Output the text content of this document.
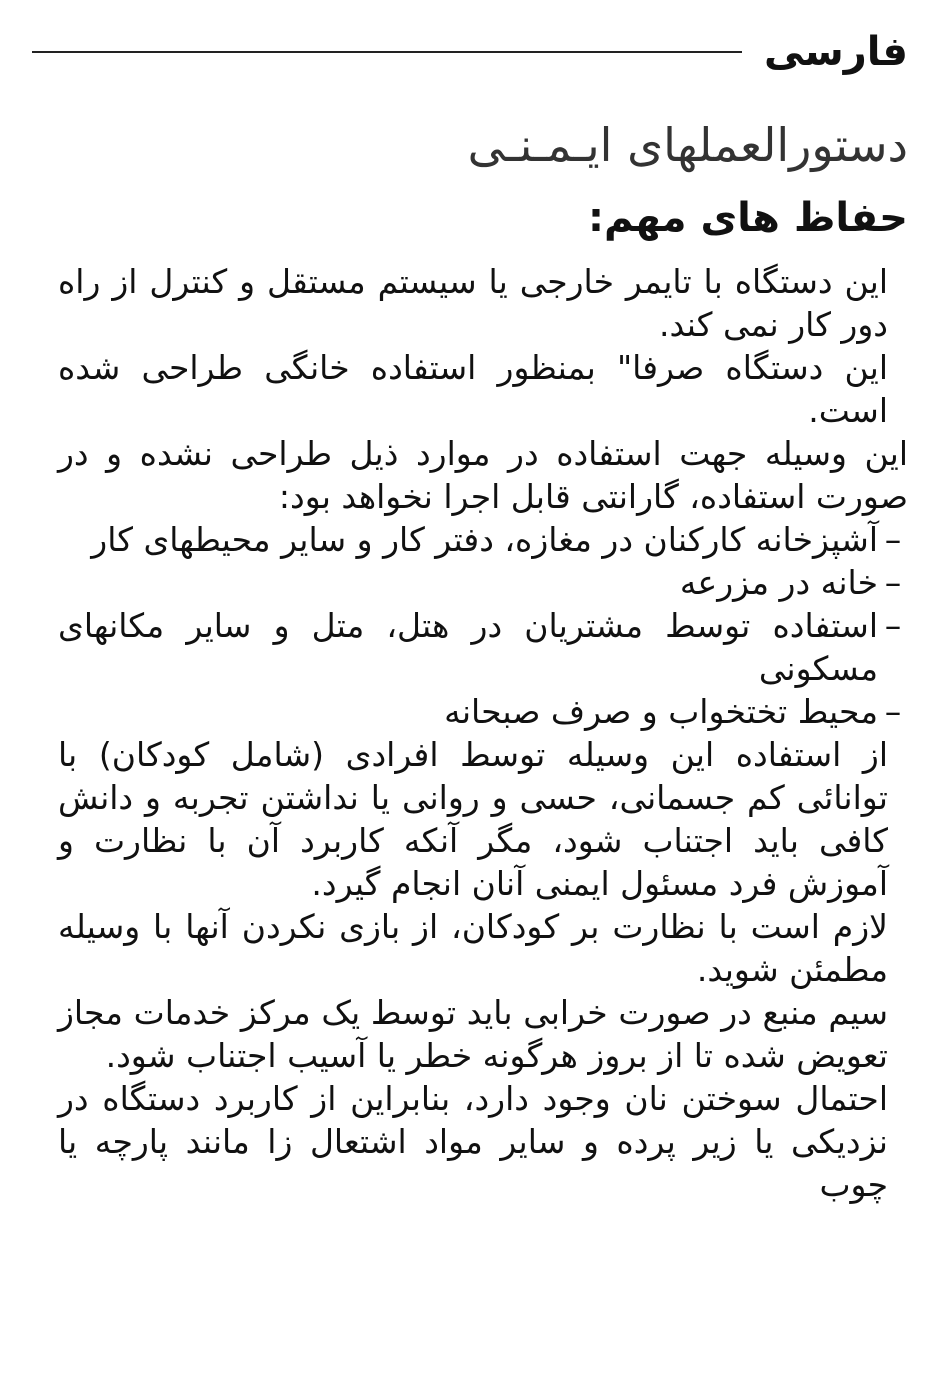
فارسی
دستورالعملهای ایـمـنـی
حفاظ های مهم:

این دستگاه با تایمر خارجی یا سیستم مستقل و کنترل از راه دور کار نمی کند.

این دستگاه صرفا" بمنظور استفاده خانگی طراحی شده است.

این وسیله جهت استفاده در موارد ذیل طراحی نشده و در صورت استفاده، گارانتی قابل اجرا نخواهد بود:

–
آشپزخانه کارکنان در مغازه، دفتر کار و سایر محیطهای کار
–
خانه در مزرعه
–
استفاده توسط مشتریان در هتل، متل و سایر مکانهای مسکونی
–
محیط تختخواب و صرف صبحانه

از استفاده این وسیله توسط افرادی (شامل کودکان) با توانائی کم جسمانی، حسی و روانی یا نداشتن تجربه و دانش کافی باید اجتناب شود، مگر آنکه کاربرد آن با نظارت و آموزش فرد مسئول ایمنی آنان انجام گیرد.

لازم است با نظارت بر کودکان، از بازی نکردن آنها با وسیله مطمئن شوید.

سیم منبع در صورت خرابی باید توسط یک مرکز خدمات مجاز تعویض شده تا از بروز هرگونه خطر یا آسیب اجتناب شود.

احتمال سوختن نان وجود دارد، بنابراین از کاربرد دستگاه در نزدیکی یا زیر پرده و سایر مواد اشتعال زا مانند پارچه یا چوب
